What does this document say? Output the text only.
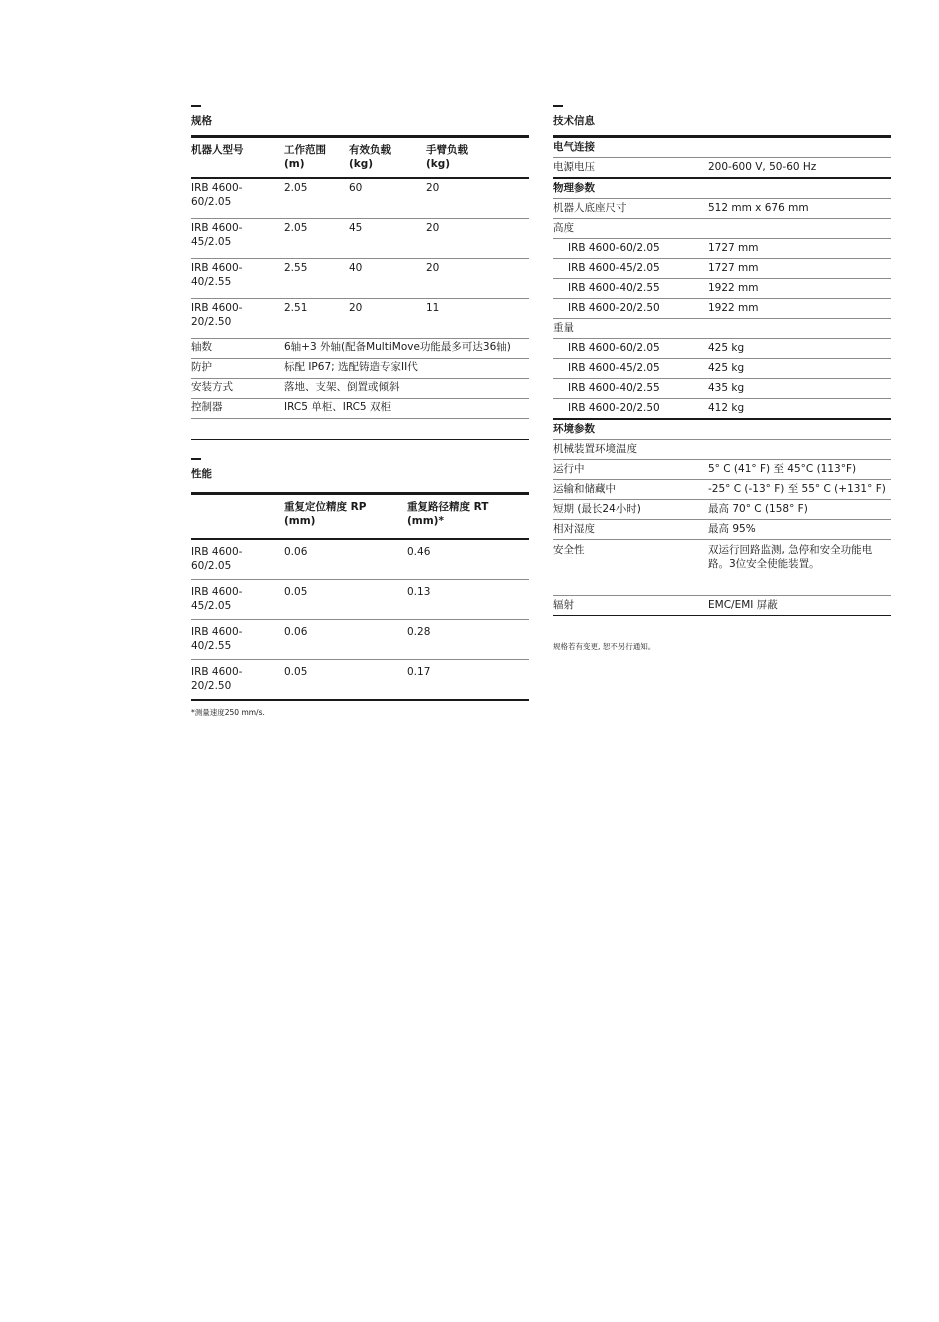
规格
机器人型号	工作范围 (m)	有效负载 (kg)	手臂负载 (kg)
IRB 4600-60/2.05	2.05	60	20
IRB 4600-45/2.05	2.05	45	20
IRB 4600-40/2.55	2.55	40	20
IRB 4600-20/2.50	2.51	20	11
轴数	6轴+3 外轴(配备MultiMove功能最多可达36轴)		
防护	标配 IP67; 选配铸造专家II代		
安装方式	落地、支架、倒置或倾斜		
控制器	IRC5 单柜、IRC5 双柜		

性能
	重复定位精度 RP (mm)	重复路径精度 RT (mm)*
IRB 4600-60/2.05	0.06	0.46
IRB 4600-45/2.05	0.05	0.13
IRB 4600-40/2.55	0.06	0.28
IRB 4600-20/2.50	0.05	0.17
*测量速度250 mm/s.
技术信息
电气连接	
电源电压	200-600 V, 50-60 Hz
物理参数	
机器人底座尺寸	512 mm x 676 mm
高度	
IRB 4600-60/2.05	1727 mm
IRB 4600-45/2.05	1727 mm
IRB 4600-40/2.55	1922 mm
IRB 4600-20/2.50	1922 mm
重量	
IRB 4600-60/2.05	425 kg
IRB 4600-45/2.05	425 kg
IRB 4600-40/2.55	435 kg
IRB 4600-20/2.50	412 kg
环境参数	
机械装置环境温度	
运行中	5° C (41° F) 至 45°C (113°F)
运输和储藏中	-25° C (-13° F) 至 55° C (+131° F)
短期 (最长24小时)	最高 70° C (158° F)
相对湿度	最高 95%
安全性	双运行回路监测, 急停和安全功能电路。3位安全使能装置。
辐射	EMC/EMI 屏蔽

规格若有变更, 恕不另行通知。
